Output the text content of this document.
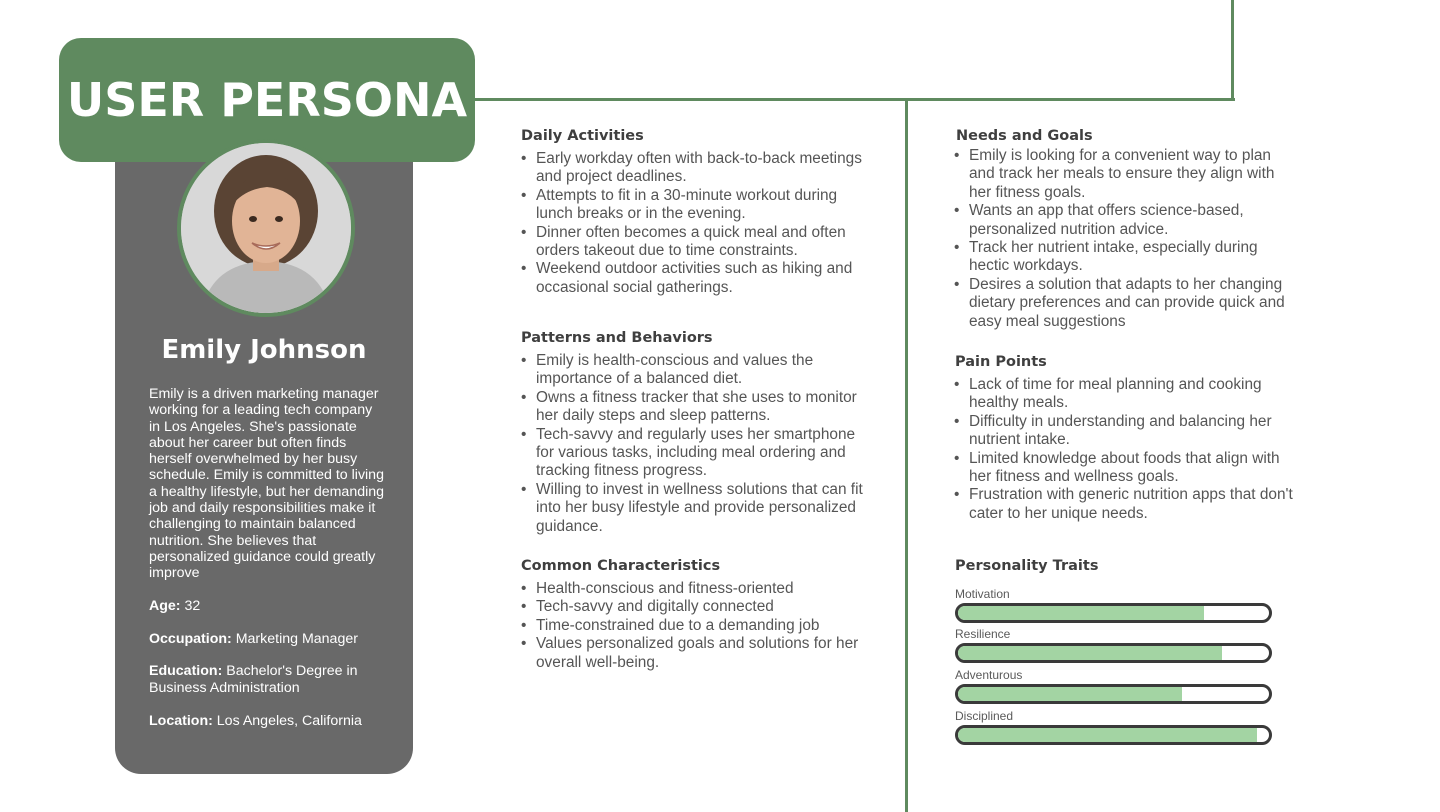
USER PERSONA
Emily Johnson
Emily is a driven marketing manager working for a leading tech company in Los Angeles. She's passionate about her career but often finds herself overwhelmed by her busy schedule. Emily is committed to living a healthy lifestyle, but her demanding job and daily responsibilities make it challenging to maintain balanced nutrition. She believes that personalized guidance could greatly improve
Age: 32
Occupation: Marketing Manager
Education: Bachelor's Degree in Business Administration
Location: Los Angeles, California
Daily Activities
• Early workday often with back-to-back meetings and project deadlines.
• Attempts to fit in a 30-minute workout during lunch breaks or in the evening.
• Dinner often becomes a quick meal and often orders takeout due to time constraints.
• Weekend outdoor activities such as hiking and occasional social gatherings.
Patterns and Behaviors
• Emily is health-conscious and values the importance of a balanced diet.
• Owns a fitness tracker that she uses to monitor her daily steps and sleep patterns.
• Tech-savvy and regularly uses her smartphone for various tasks, including meal ordering and tracking fitness progress.
• Willing to invest in wellness solutions that can fit into her busy lifestyle and provide personalized guidance.
Common Characteristics
• Health-conscious and fitness-oriented
• Tech-savvy and digitally connected
• Time-constrained due to a demanding job
• Values personalized goals and solutions for her overall well-being.
Needs and Goals
• Emily is looking for a convenient way to plan and track her meals to ensure they align with her fitness goals.
• Wants an app that offers science-based, personalized nutrition advice.
• Track her nutrient intake, especially during hectic workdays.
• Desires a solution that adapts to her changing dietary preferences and can provide quick and easy meal suggestions
Pain Points
• Lack of time for meal planning and cooking healthy meals.
• Difficulty in understanding and balancing her nutrient intake.
• Limited knowledge about foods that align with her fitness and wellness goals.
• Frustration with generic nutrition apps that don't cater to her unique needs.
Personality Traits
Motivation
Resilience
Adventurous
Disciplined
